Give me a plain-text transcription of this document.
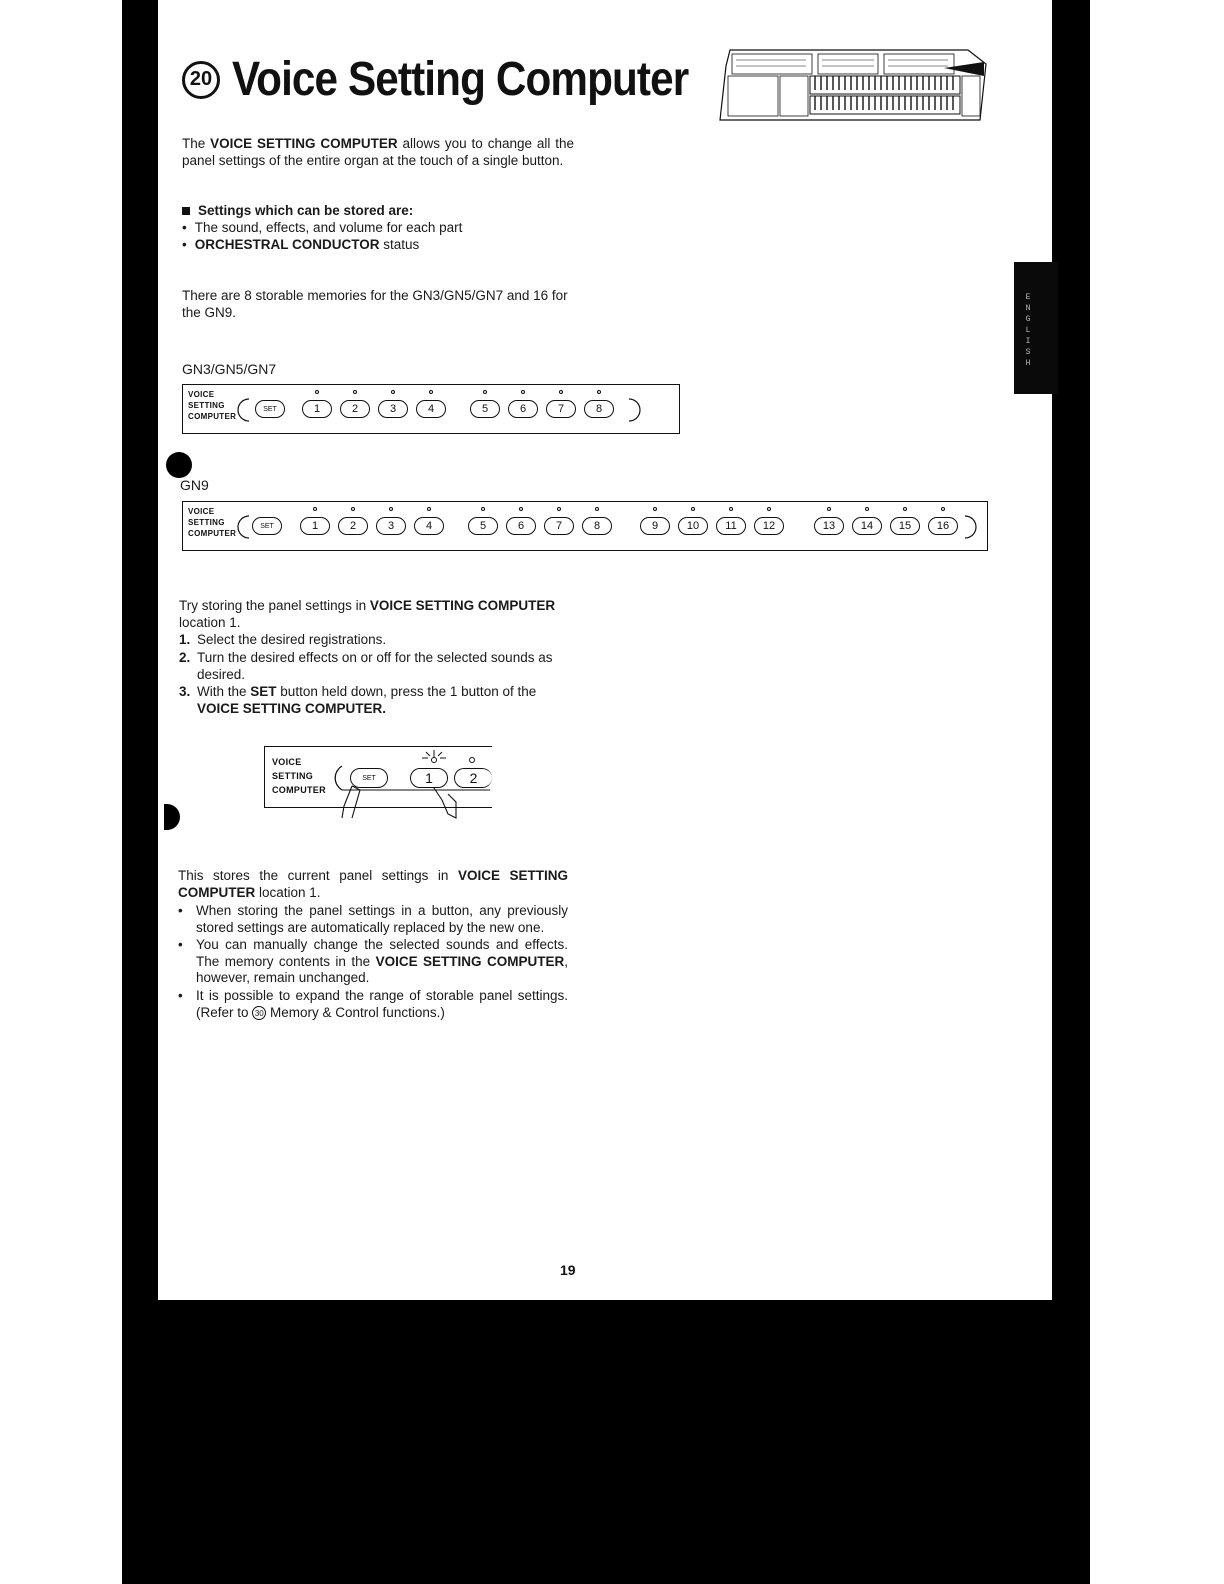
20 Voice Setting Computer
The VOICE SETTING COMPUTER allows you to change all the panel settings of the entire organ at the touch of a single button.
Settings which can be stored are:
• The sound, effects, and volume for each part
• ORCHESTRAL CONDUCTOR status
There are 8 storable memories for the GN3/GN5/GN7 and 16 for the GN9.
GN3/GN5/GN7
VOICE
SETTING
COMPUTER
SET	1	2	3	4	5	6	7	8
GN9
VOICE
SETTING
COMPUTER
SET	1	2	3	4	5	6	7	8	9	10	11	12	13	14	15	16
Try storing the panel settings in VOICE SETTING COMPUTER location 1.
1. Select the desired registrations.
2. Turn the desired effects on or off for the selected sounds as desired.
3. With the SET button held down, press the 1 button of the VOICE SETTING COMPUTER.
VOICE
SETTING
COMPUTER
SET	1	2
This stores the current panel settings in VOICE SETTING COMPUTER location 1.
• When storing the panel settings in a button, any previously stored settings are automatically replaced by the new one.
• You can manually change the selected sounds and effects. The memory contents in the VOICE SETTING COMPUTER, however, remain unchanged.
• It is possible to expand the range of storable panel settings. (Refer to 30 Memory & Control functions.)
E
N
G
L
I
S
H
19
